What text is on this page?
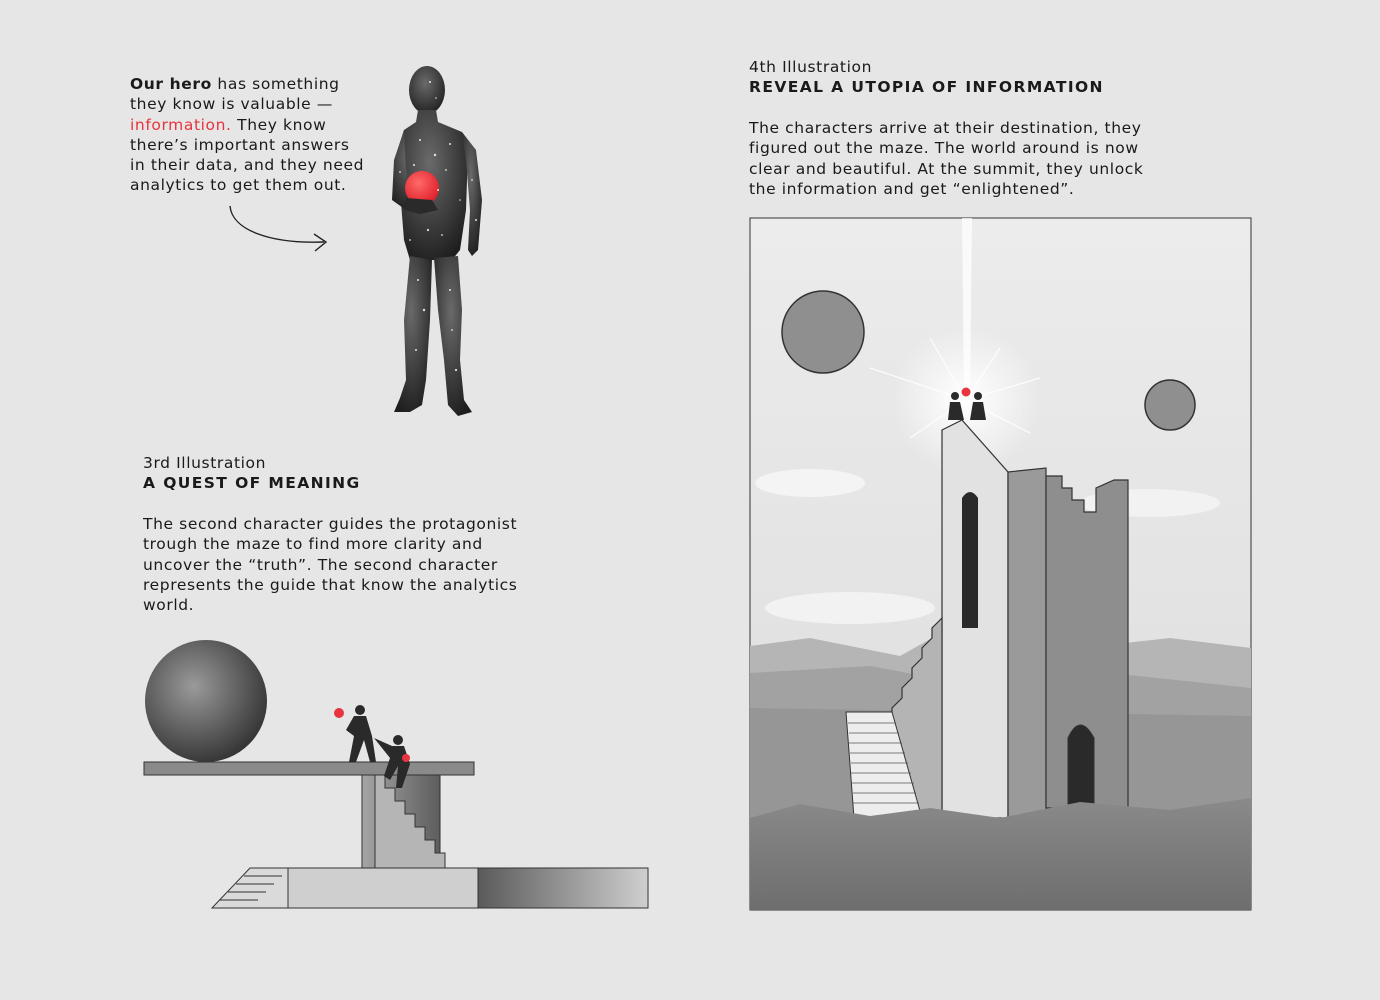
Our hero has something they know is valuable — information. They know there’s important answers in their data, and they need analytics to get them out.
3rd Illustration
A QUEST OF MEANING
The second character guides the protagonist trough the maze to find more clarity and uncover the “truth”. The second character represents the guide that know the analytics world.
4th Illustration
REVEAL A UTOPIA OF INFORMATION
The characters arrive at their destination, they figured out the maze. The world around is now clear and beautiful. At the summit, they unlock the information and get “enlightened”.
